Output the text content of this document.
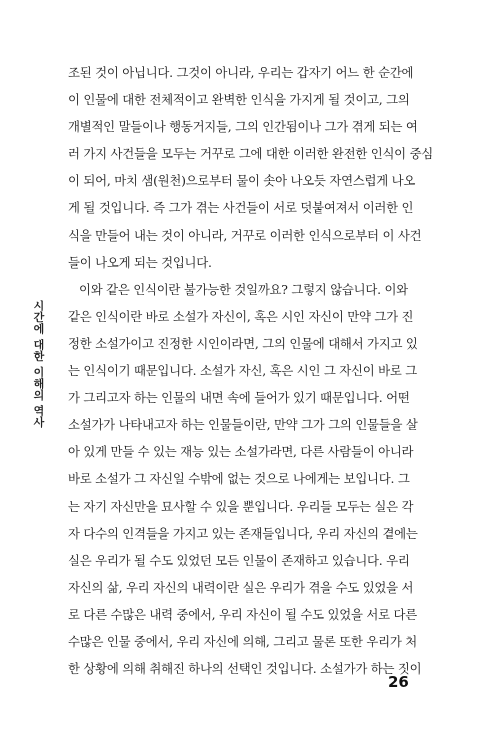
시간에 대한 이해의 역사
조된 것이 아닙니다. 그것이 아니라, 우리는 갑자기 어느 한 순간에
이 인물에 대한 전체적이고 완벽한 인식을 가지게 될 것이고, 그의
개별적인 말들이나 행동거지들, 그의 인간됨이나 그가 겪게 되는 여
러 가지 사건들을 모두는 거꾸로 그에 대한 이러한 완전한 인식이 중심
이 되어, 마치 샘(원천)으로부터 물이 솟아 나오듯 자연스럽게 나오
게 될 것입니다. 즉 그가 겪는 사건들이 서로 덧붙여져서 이러한 인
식을 만들어 내는 것이 아니라, 거꾸로 이러한 인식으로부터 이 사건
들이 나오게 되는 것입니다.
이와 같은 인식이란 불가능한 것일까요? 그렇지 않습니다. 이와
같은 인식이란 바로 소설가 자신이, 혹은 시인 자신이 만약 그가 진
정한 소설가이고 진정한 시인이라면, 그의 인물에 대해서 가지고 있
는 인식이기 때문입니다. 소설가 자신, 혹은 시인 그 자신이 바로 그
가 그리고자 하는 인물의 내면 속에 들어가 있기 때문입니다. 어떤
소설가가 나타내고자 하는 인물들이란, 만약 그가 그의 인물들을 살
아 있게 만들 수 있는 재능 있는 소설가라면, 다른 사람들이 아니라
바로 소설가 그 자신일 수밖에 없는 것으로 나에게는 보입니다. 그
는 자기 자신만을 묘사할 수 있을 뿐입니다. 우리들 모두는 실은 각
자 다수의 인격들을 가지고 있는 존재들입니다, 우리 자신의 곁에는
실은 우리가 될 수도 있었던 모든 인물이 존재하고 있습니다. 우리
자신의 삶, 우리 자신의 내력이란 실은 우리가 겪을 수도 있었을 서
로 다른 수많은 내력 중에서, 우리 자신이 될 수도 있었을 서로 다른
수많은 인물 중에서, 우리 자신에 의해, 그리고 물론 또한 우리가 처
한 상황에 의해 취해진 하나의 선택인 것입니다. 소설가가 하는 짓이
26
